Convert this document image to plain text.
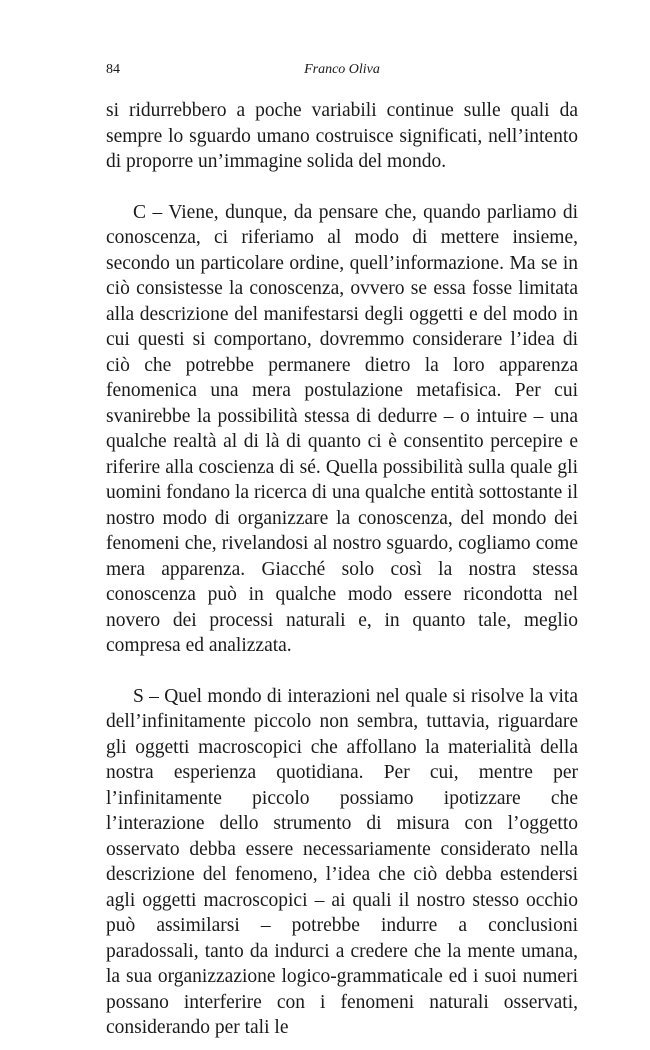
84	Franco Oliva

si ridurrebbero a poche variabili continue sulle quali da sempre lo sguardo umano costruisce significati, nell’intento di proporre un’immagine solida del mondo.

C – Viene, dunque, da pensare che, quando parliamo di conoscenza, ci riferiamo al modo di mettere insieme, secondo un particolare ordine, quell’informazione. Ma se in ciò consistesse la conoscenza, ovvero se essa fosse limitata alla descrizione del manifestarsi degli oggetti e del modo in cui questi si comportano, dovremmo considerare l’idea di ciò che potrebbe permanere dietro la loro apparenza fenomenica una mera postulazione metafisica. Per cui svanirebbe la possibilità stessa di dedurre – o intuire – una qualche realtà al di là di quanto ci è consentito percepire e riferire alla coscienza di sé. Quella possibilità sulla quale gli uomini fondano la ricerca di una qualche entità sottostante il nostro modo di organizzare la conoscenza, del mondo dei fenomeni che, rivelandosi al nostro sguardo, cogliamo come mera apparenza. Giacché solo così la nostra stessa conoscenza può in qualche modo essere ricondotta nel novero dei processi naturali e, in quanto tale, meglio compresa ed analizzata.

S – Quel mondo di interazioni nel quale si risolve la vita dell’infinitamente piccolo non sembra, tuttavia, riguardare gli oggetti macroscopici che affollano la materialità della nostra esperienza quotidiana. Per cui, mentre per l’infinitamente piccolo possiamo ipotizzare che l’interazione dello strumento di misura con l’oggetto osservato debba essere necessariamente considerato nella descrizione del fenomeno, l’idea che ciò debba estendersi agli oggetti macroscopici – ai quali il nostro stesso occhio può assimilarsi – potrebbe indurre a conclusioni paradossali, tanto da indurci a credere che la mente umana, la sua organizzazione logico-grammaticale ed i suoi numeri possano interferire con i fenomeni naturali osservati, considerando per tali le
